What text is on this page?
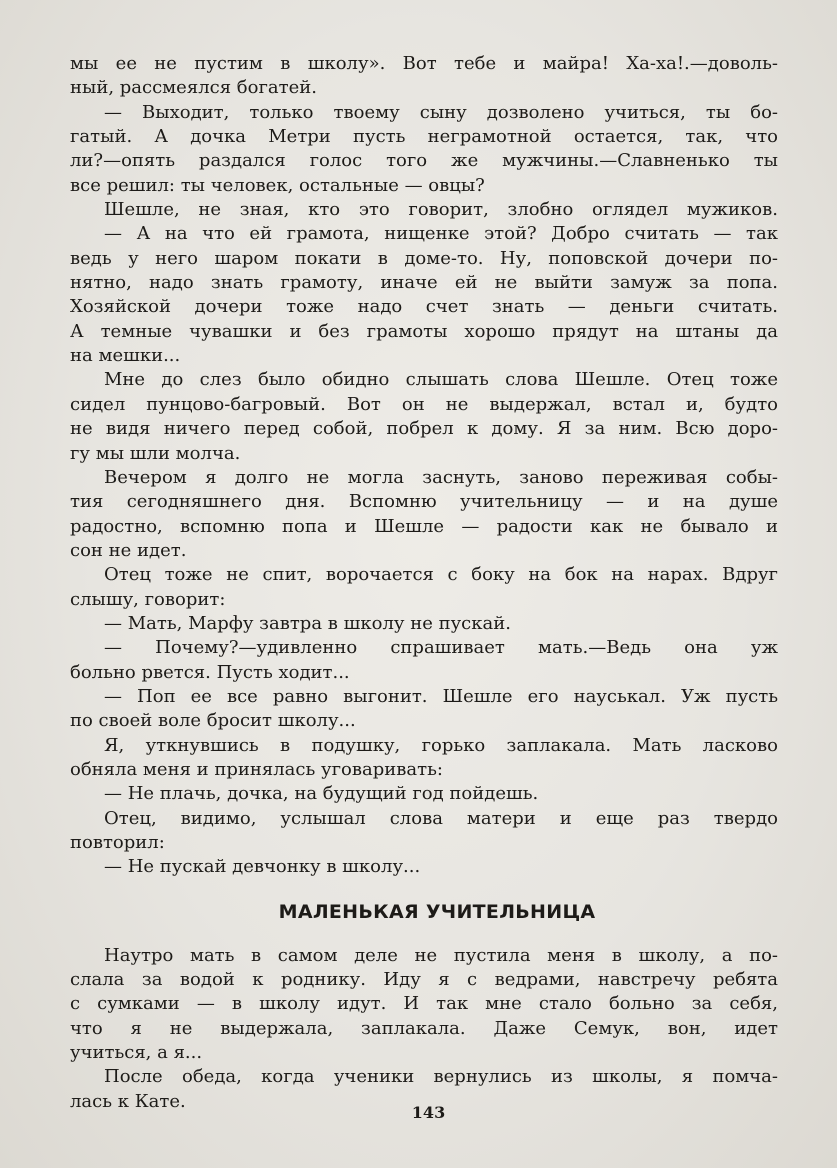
мы ее не пустим в школу». Вот тебе и майра! Ха-ха!.—доволь-
ный, рассмеялся богатей.
— Выходит, только твоему сыну дозволено учиться, ты бо-
гатый. А дочка Метри пусть неграмотной остается, так, что
ли?—опять раздался голос того же мужчины.—Славненько ты
все решил: ты человек, остальные — овцы?
Шешле, не зная, кто это говорит, злобно оглядел мужиков.
— А на что ей грамота, нищенке этой? Добро считать — так
ведь у него шаром покати в доме-то. Ну, поповской дочери по-
нятно, надо знать грамоту, иначе ей не выйти замуж за попа.
Хозяйской дочери тоже надо счет знать — деньги считать.
А темные чувашки и без грамоты хорошо прядут на штаны да
на мешки...
Мне до слез было обидно слышать слова Шешле. Отец тоже
сидел пунцово-багровый. Вот он не выдержал, встал и, будто
не видя ничего перед собой, побрел к дому. Я за ним. Всю доро-
гу мы шли молча.
Вечером я долго не могла заснуть, заново переживая собы-
тия сегодняшнего дня. Вспомню учительницу — и на душе
радостно, вспомню попа и Шешле — радости как не бывало и
сон не идет.
Отец тоже не спит, ворочается с боку на бок на нарах. Вдруг
слышу, говорит:
— Мать, Марфу завтра в школу не пускай.
— Почему?—удивленно спрашивает мать.—Ведь она уж
больно рвется. Пусть ходит...
— Поп ее все равно выгонит. Шешле его науськал. Уж пусть
по своей воле бросит школу...
Я, уткнувшись в подушку, горько заплакала. Мать ласково
обняла меня и принялась уговаривать:
— Не плачь, дочка, на будущий год пойдешь.
Отец, видимо, услышал слова матери и еще раз твердо
повторил:
— Не пускай девчонку в школу...
МАЛЕНЬКАЯ УЧИТЕЛЬНИЦА
Наутро мать в самом деле не пустила меня в школу, а по-
слала за водой к роднику. Иду я с ведрами, навстречу ребята
с сумками — в школу идут. И так мне стало больно за себя,
что я не выдержала, заплакала. Даже Семук, вон, идет
учиться, а я...
После обеда, когда ученики вернулись из школы, я помча-
лась к Кате.
143
